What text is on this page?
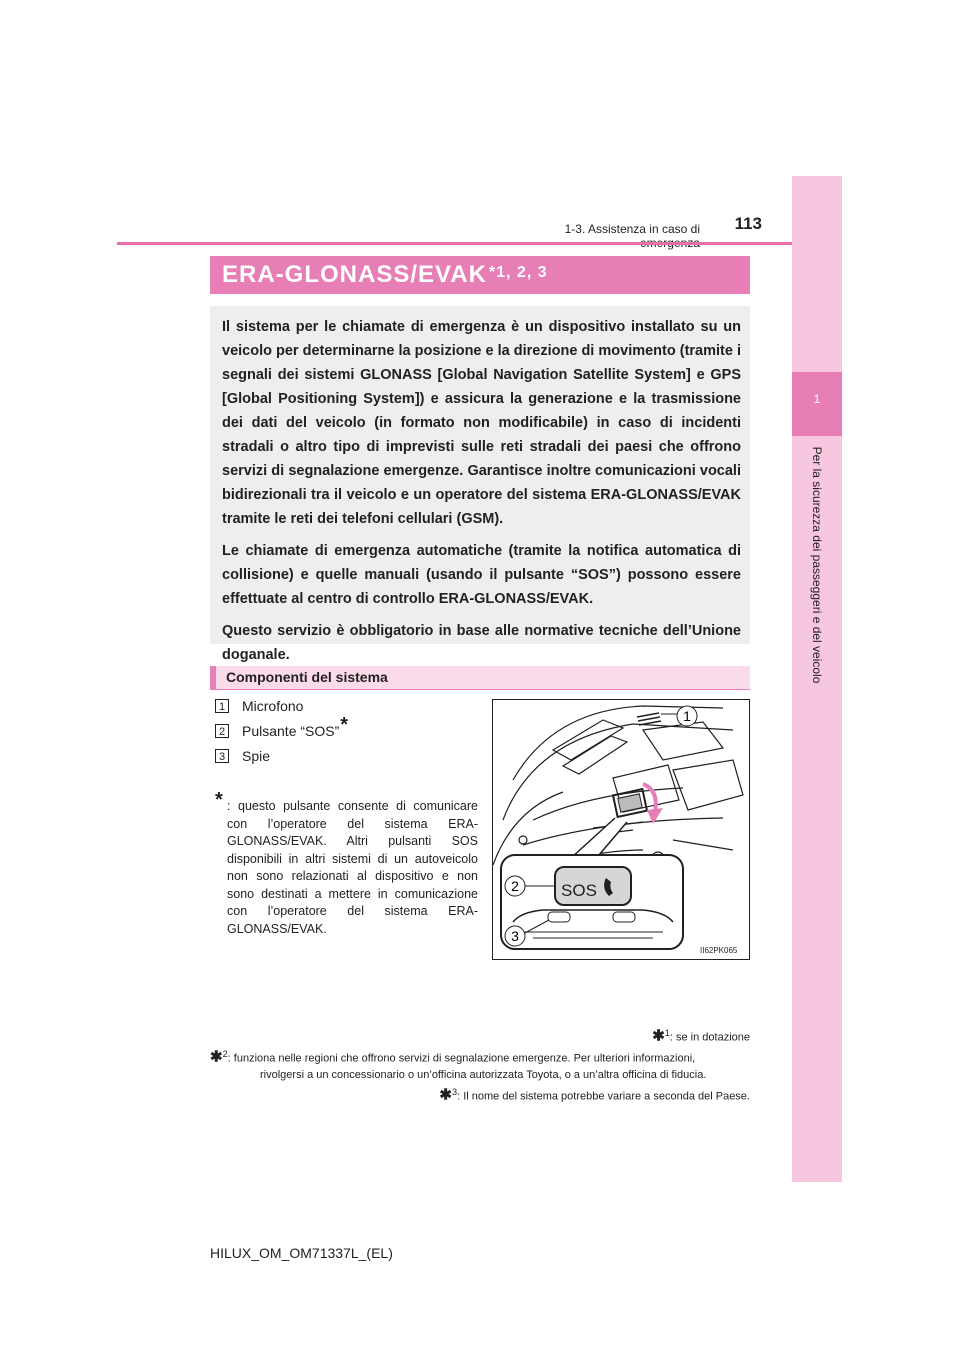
1-3. Assistenza in caso di	113
1
Per la sicurezza dei passeggeri e del veicolo
ERA-GLONASS/EVAK $^{*1, 2, 3}$

Il sistema per le chiamate di emergenza è un dispositivo installato su un veicolo per determinarne la posizione e la direzione di movimento (tramite i segnali dei sistemi GLONASS [Global Navigation Satellite System] e GPS [Global Positioning System]) e assicura la generazione e la trasmissione dei dati del veicolo (in formato non modificabile) in caso di incidenti stradali o altro tipo di imprevisti sulle reti stradali dei paesi che offrono servizi di segnalazione emergenze. Garantisce inoltre comunicazioni vocali bidirezionali tra il veicolo e un operatore del sistema ERA-GLONASS/EVAK tramite le reti dei telefoni cellulari (GSM).

Le chiamate di emergenza automatiche (tramite la notifica automatica di collisione) e quelle manuali (usando il pulsante “SOS”) possono essere effettuate al centro di controllo ERA-GLONASS/EVAK.

Questo servizio è obbligatorio in base alle normative tecniche dell’Unione doganale.

Componenti del sistema
1 Microfono
2 Pulsante “SOS” *
3 Spie
* : questo pulsante consente di comunicare con l’operatore del sistema ERA-GLONASS/EVAK. Altri pulsanti SOS disponibili in altri sistemi di un autoveicolo non sono relazionati al dispositivo e non sono destinati a mettere in comunicazione con l’operatore del sistema ERA-GLONASS/EVAK.
1
SOS
2
3
II62PK065
✱$^1$: se in dotazione
✱$^2$: funziona nelle regioni che offrono servizi di segnalazione emergenze. Per ulteriori informazioni,
rivolgersi a un concessionario o un’officina autorizzata Toyota, o a un’altra officina di fiducia.
✱$^3$: Il nome del sistema potrebbe variare a seconda del Paese.
HILUX_OM_OM71337L_(EL)
